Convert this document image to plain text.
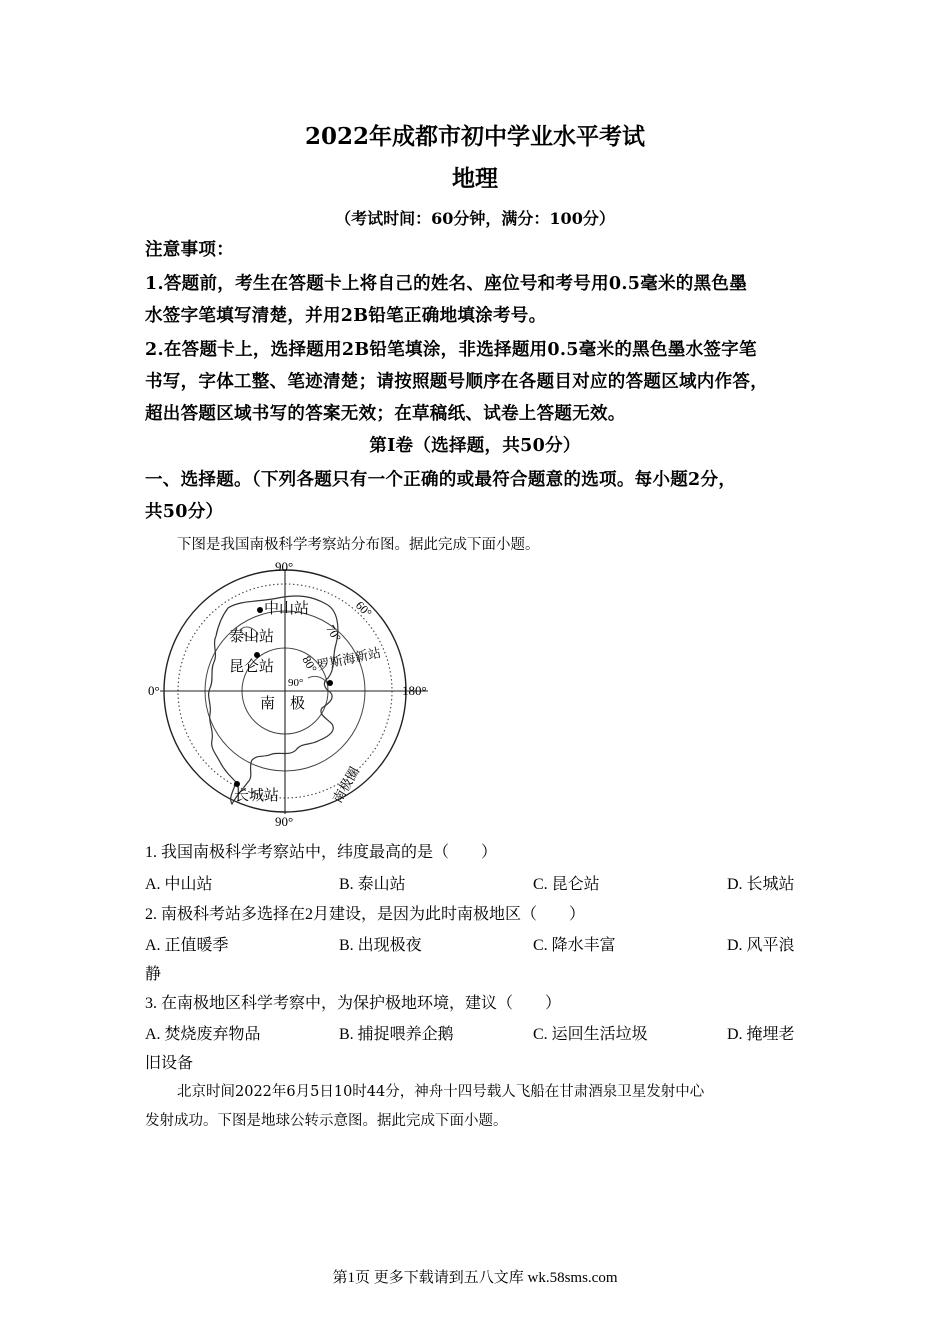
2022年成都市初中学业水平考试
地理
（考试时间：60分钟，满分：100分）
注意事项：
1.答题前，考生在答题卡上将自己的姓名、座位号和考号用0.5毫米的黑色墨
水签字笔填写清楚，并用2B铅笔正确地填涂考号。
2.在答题卡上，选择题用2B铅笔填涂，非选择题用0.5毫米的黑色墨水签字笔
书写，字体工整、笔迹清楚；请按照题号顺序在各题目对应的答题区域内作答，
超出答题区域书写的答案无效；在草稿纸、试卷上答题无效。
第Ⅰ卷（选择题，共50分）
一、选择题。（下列各题只有一个正确的或最符合题意的选项。每小题2分，
共50分）
下图是我国南极科学考察站分布图。据此完成下面小题。
90°
90°
0°	180°
60°
70°
80°
90°
中山站
泰山站
昆仑站	罗斯海新站
南　极
长城站	南极圈
1. 我国南极科学考察站中，纬度最高的是（　　）
A. 中山站	B. 泰山站	C. 昆仑站	D. 长城站
2. 南极科考站多选择在2月建设，是因为此时南极地区（　　）
A. 正值暖季	B. 出现极夜	C. 降水丰富	D. 风平浪
静
3. 在南极地区科学考察中，为保护极地环境，建议（　　）
A. 焚烧废弃物品	B. 捕捉喂养企鹅	C. 运回生活垃圾	D. 掩埋老
旧设备
北京时间2022年6月5日10时44分，神舟十四号载人飞船在甘肃酒泉卫星发射中心
发射成功。下图是地球公转示意图。据此完成下面小题。
第1页 更多下载请到五八文库 wk.58sms.com
